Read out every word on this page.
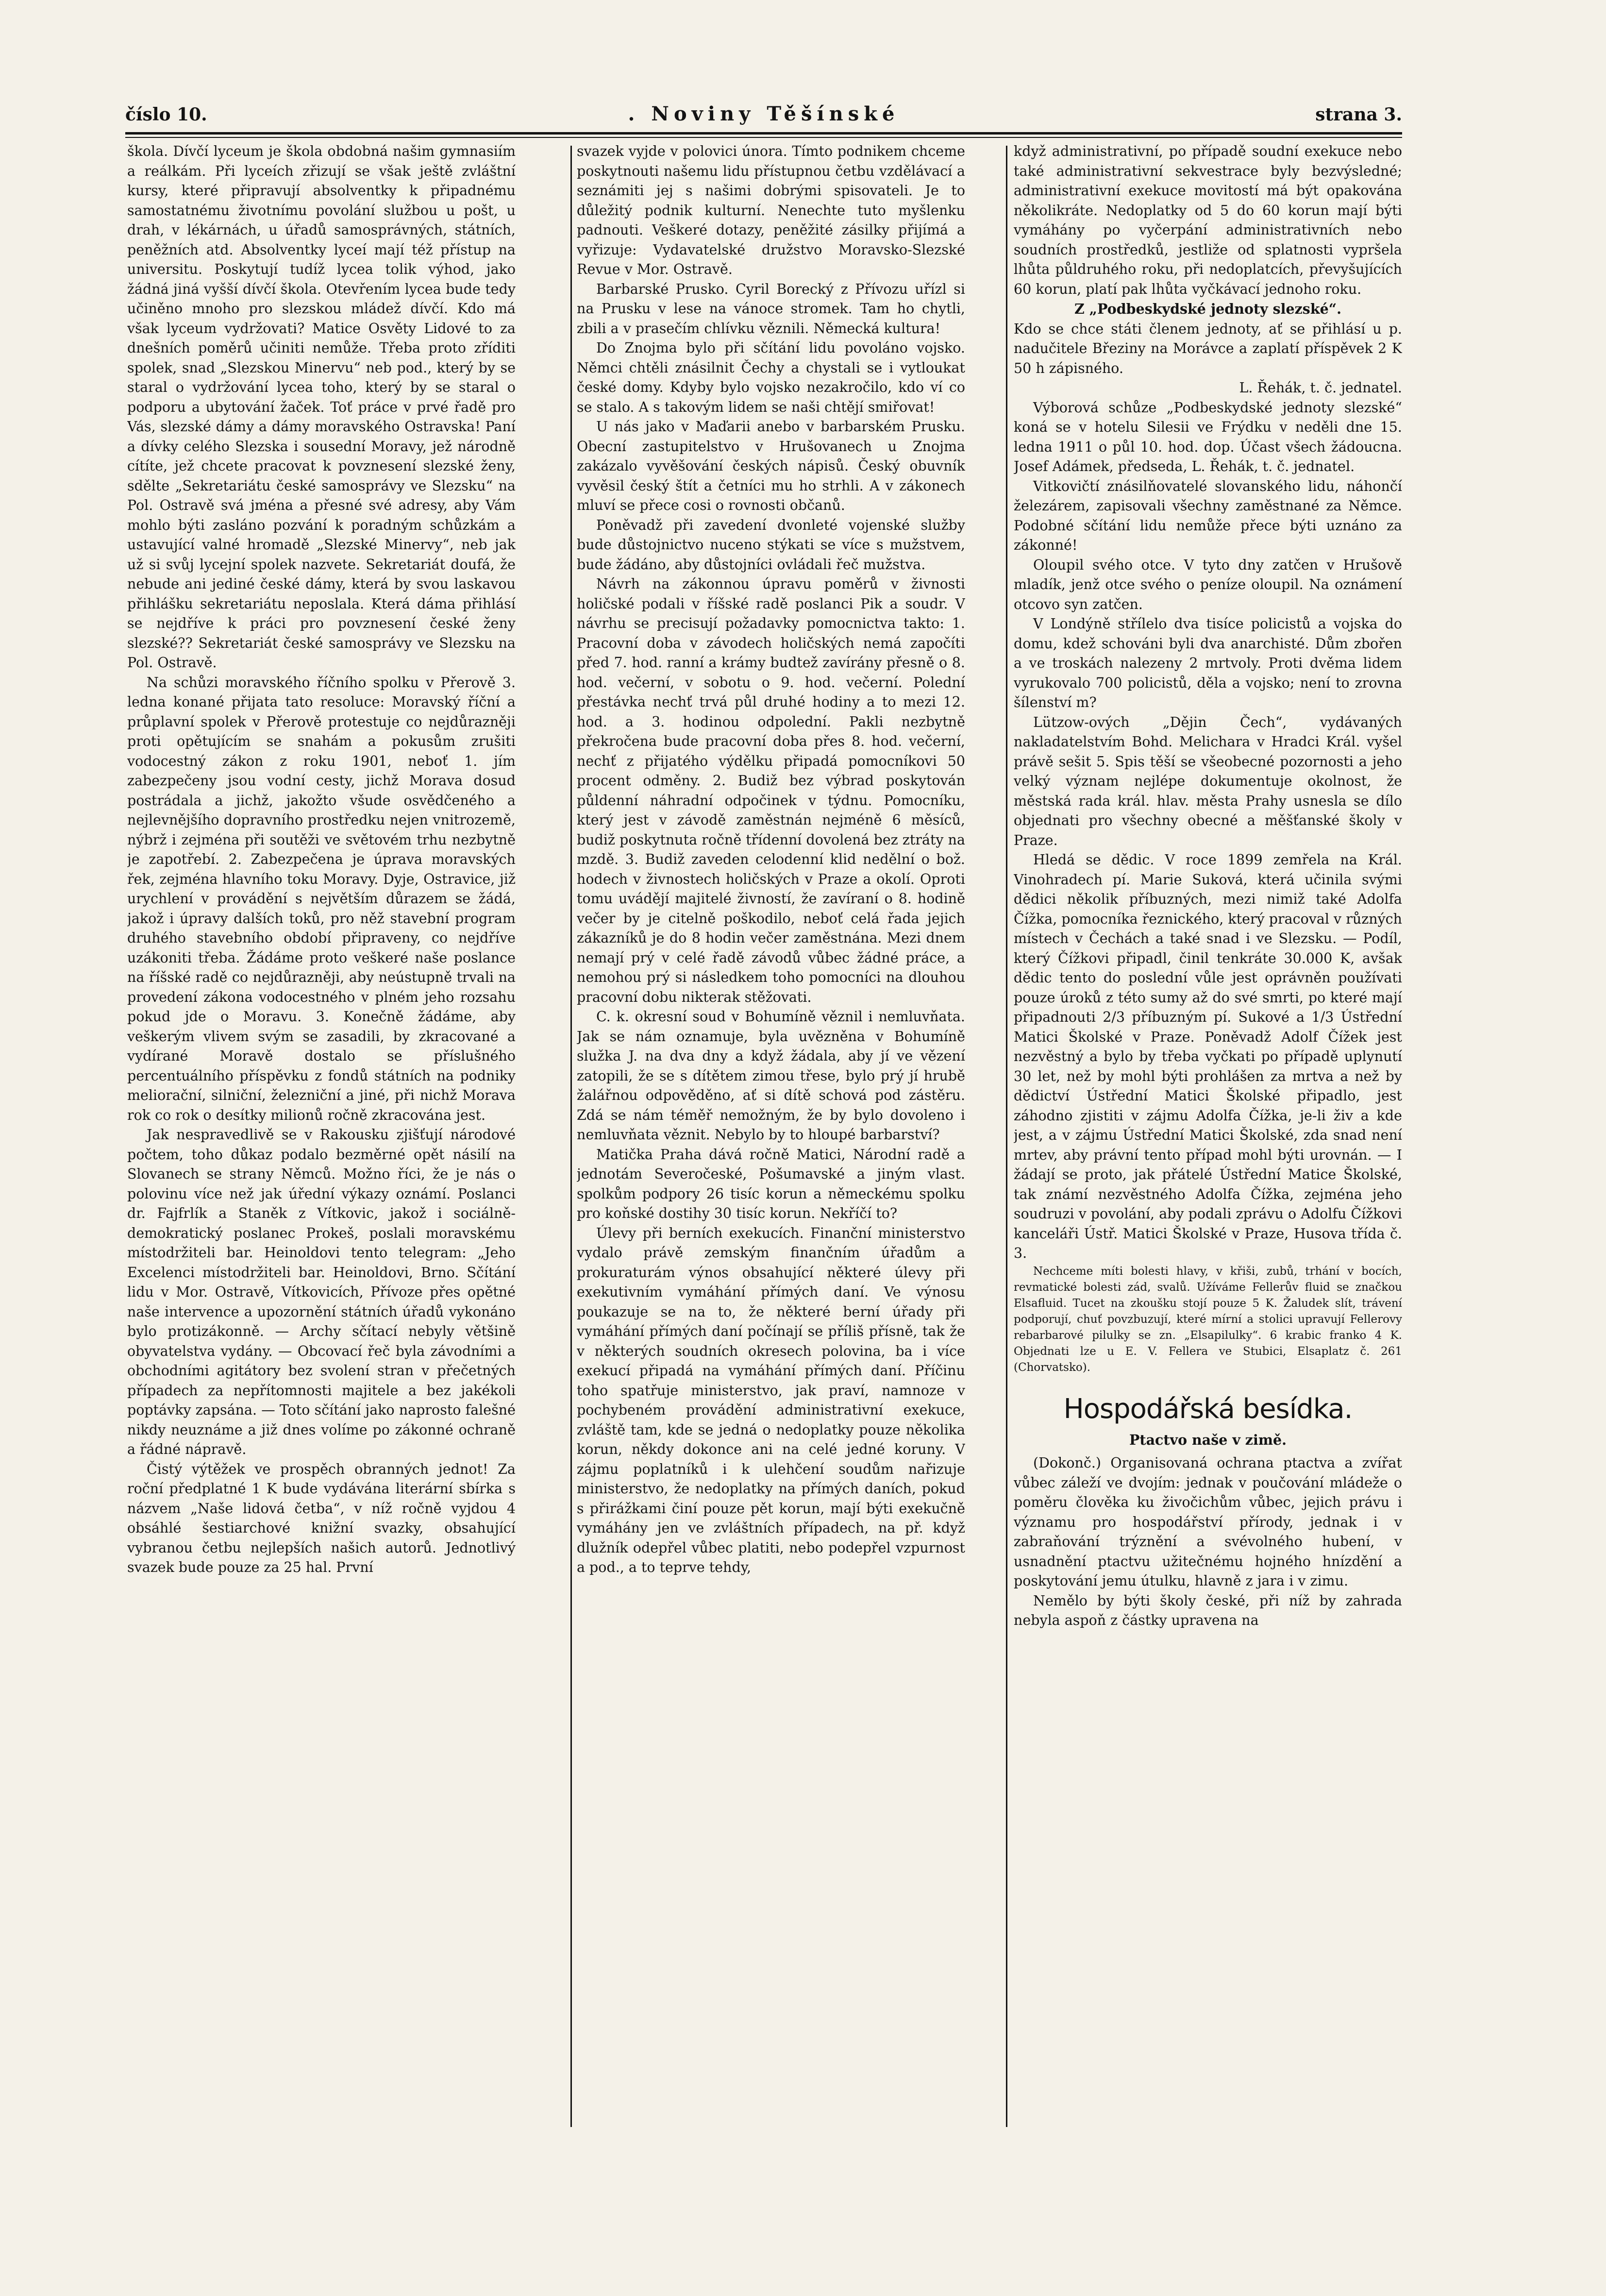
číslo 10.	. Noviny Těšínské	strana 3.

škola. Dívčí lyceum je škola obdobná našim gymnasiím a reálkám. Při lyceích zřizují se však ještě zvláštní kursy, které připravují absolventky k připadnému samostatnému životnímu povolání službou u pošt, u drah, v lékárnách, u úřadů samosprávných, státních, peněžních atd. Absolventky lyceí mají též přístup na universitu. Poskytují tudíž lycea tolik výhod, jako žádná jiná vyšší dívčí škola. Otevřením lycea bude tedy učiněno mnoho pro slezskou mládež dívčí. Kdo má však lyceum vydržovati? Matice Osvěty Lidové to za dnešních poměrů učiniti nemůže. Třeba proto zříditi spolek, snad „Slezskou Minervu“ neb pod., který by se staral o vydržování lycea toho, který by se staral o podporu a ubytování žaček. Toť práce v prvé řadě pro Vás, slezské dámy a dámy moravského Ostravska! Paní a dívky celého Slezska i sousední Moravy, jež národně cítíte, jež chcete pracovat k povznesení slezské ženy, sdělte „Sekretariátu české samosprávy ve Slezsku“ na Pol. Ostravě svá jména a přesné své adresy, aby Vám mohlo býti zasláno pozvání k poradným schůzkám a ustavující valné hromadě „Slezské Minervy“, neb jak už si svůj lycejní spolek nazvete. Sekretariát doufá, že nebude ani jediné české dámy, která by svou laskavou přihlášku sekretariátu neposlala. Která dáma přihlásí se nejdříve k práci pro povznesení české ženy slezské?? Sekretariát české samosprávy ve Slezsku na Pol. Ostravě.

Na schůzi moravského říčního spolku v Přerově 3. ledna konané přijata tato resoluce: Moravský říční a průplavní spolek v Přerově protestuje co nejdůrazněji proti opětujícím se snahám a pokusům zrušiti vodocestný zákon z roku 1901, neboť 1. jím zabezpečeny jsou vodní cesty, jichž Morava dosud postrádala a jichž, jakožto všude osvědčeného a nejlevnějšího dopravního prostředku nejen vnitrozemě, nýbrž i zejména při soutěži ve světovém trhu nezbytně je zapotřebí. 2. Zabezpečena je úprava moravských řek, zejména hlavního toku Moravy. Dyje, Ostravice, již urychlení v provádění s největším důrazem se žádá, jakož i úpravy dalších toků, pro něž stavební program druhého stavebního období připraveny, co nejdříve uzákoniti třeba. Žádáme proto veškeré naše poslance na říšské radě co nejdůrazněji, aby neústupně trvali na provedení zákona vodocestného v plném jeho rozsahu pokud jde o Moravu. 3. Konečně žádáme, aby veškerým vlivem svým se zasadili, by zkracované a vydírané Moravě dostalo se příslušného percentuálního příspěvku z fondů státních na podniky meliorační, silniční, železniční a jiné, při nichž Morava rok co rok o desítky milionů ročně zkracována jest.

Jak nespravedlivě se v Rakousku zjišťují národové počtem, toho důkaz podalo bezměrné opět násilí na Slovanech se strany Němců. Možno říci, že je nás o polovinu více než jak úřední výkazy oznámí. Poslanci dr. Fajfrlík a Staněk z Vítkovic, jakož i sociálně-demokratický poslanec Prokeš, poslali moravskému místodržiteli bar. Heinoldovi tento telegram: „Jeho Excelenci místodržiteli bar. Heinoldovi, Brno. Sčítání lidu v Mor. Ostravě, Vítkovicích, Přívoze přes opětné naše intervence a upozornění státních úřadů vykonáno bylo protizákonně. — Archy sčítací nebyly většině obyvatelstva vydány. — Obcovací řeč byla závodními a obchodními agitátory bez svolení stran v přečetných případech za nepřítomnosti majitele a bez jakékoli poptávky zapsána. — Toto sčítání jako naprosto falešné nikdy neuznáme a již dnes volíme po zákonné ochraně a řádné nápravě.

Čistý výtěžek ve prospěch obranných jednot! Za roční předplatné 1 K bude vydávána literární sbírka s názvem „Naše lidová četba“, v níž ročně vyjdou 4 obsáhlé šestiarchové knižní svazky, obsahující vybranou četbu nejlepších našich autorů. Jednotlivý svazek bude pouze za 25 hal. První

svazek vyjde v polovici února. Tímto podnikem chceme poskytnouti našemu lidu přístupnou četbu vzdělávací a seznámiti jej s našimi dobrými spisovateli. Je to důležitý podnik kulturní. Nenechte tuto myšlenku padnouti. Veškeré dotazy, peněžité zásilky přijímá a vyřizuje: Vydavatelské družstvo Moravsko-Slezské Revue v Mor. Ostravě.

Barbarské Prusko. Cyril Borecký z Přívozu uřízl si na Prusku v lese na vánoce stromek. Tam ho chytli, zbili a v prasečím chlívku věznili. Německá kultura!

Do Znojma bylo při sčítání lidu povoláno vojsko. Němci chtěli znásilnit Čechy a chystali se i vytloukat české domy. Kdyby bylo vojsko nezakročilo, kdo ví co se stalo. A s takovým lidem se naši chtějí smiřovat!

U nás jako v Maďarii anebo v barbarském Prusku. Obecní zastupitelstvo v Hrušovanech u Znojma zakázalo vyvěšování českých nápisů. Český obuvník vyvěsil český štít a četníci mu ho strhli. A v zákonech mluví se přece cosi o rovnosti občanů.

Poněvadž při zavedení dvonleté vojenské služby bude důstojnictvo nuceno stýkati se více s mužstvem, bude žádáno, aby důstojníci ovládali řeč mužstva.

Návrh na zákonnou úpravu poměrů v živnosti holičské podali v říšské radě poslanci Pik a soudr. V návrhu se precisují požadavky pomocnictva takto: 1. Pracovní doba v závodech holičských nemá započíti před 7. hod. ranní a krámy budtež zavírány přesně o 8. hod. večerní, v sobotu o 9. hod. večerní. Polední přestávka nechť trvá půl druhé hodiny a to mezi 12. hod. a 3. hodinou odpolední. Pakli nezbytně překročena bude pracovní doba přes 8. hod. večerní, nechť z přijatého výdělku připadá pomocníkovi 50 procent odměny. 2. Budiž bez výbrad poskytován půldenní náhradní odpočinek v týdnu. Pomocníku, který jest v závodě zaměstnán nejméně 6 měsíců, budiž poskytnuta ročně třídenní dovolená bez ztráty na mzdě. 3. Budiž zaveden celodenní klid nedělní o bož. hodech v živnostech holičských v Praze a okolí. Oproti tomu uvádějí majitelé živností, že zavíraní o 8. hodině večer by je citelně poškodilo, neboť celá řada jejich zákazníků je do 8 hodin večer zaměstnána. Mezi dnem nemají prý v celé řadě závodů vůbec žádné práce, a nemohou prý si následkem toho pomocníci na dlouhou pracovní dobu nikterak stěžovati.

C. k. okresní soud v Bohumíně věznil i nemluvňata. Jak se nám oznamuje, byla uvězněna v Bohumíně služka J. na dva dny a když žádala, aby jí ve vězení zatopili, že se s dítětem zimou třese, bylo prý jí hrubě žalářnou odpověděno, ať si dítě schová pod zástěru. Zdá se nám téměř nemožným, že by bylo dovoleno i nemluvňata věznit. Nebylo by to hloupé barbarství?

Matička Praha dává ročně Matici, Národní radě a jednotám Severočeské, Pošumavské a jiným vlast. spolkům podpory 26 tisíc korun a německému spolku pro koňské dostihy 30 tisíc korun. Nekříčí to?

Úlevy při berních exekucích. Finanční ministerstvo vydalo právě zemským finančním úřadům a prokuraturám výnos obsahující některé úlevy při exekutivním vymáhání přímých daní. Ve výnosu poukazuje se na to, že některé berní úřady při vymáhání přímých daní počínají se příliš přísně, tak že v některých soudních okresech polovina, ba i více exekucí připadá na vymáhání přímých daní. Příčinu toho spatřuje ministerstvo, jak praví, namnoze v pochybeném provádění administrativní exekuce, zvláště tam, kde se jedná o nedoplatky pouze několika korun, někdy dokonce ani na celé jedné koruny. V zájmu poplatníků i k ulehčení soudům nařizuje ministerstvo, že nedoplatky na přímých daních, pokud s přirážkami činí pouze pět korun, mají býti exekučně vymáhány jen ve zvláštních případech, na př. když dlužník odepřel vůbec platiti, nebo podepřel vzpurnost a pod., a to teprve tehdy,

když administrativní, po případě soudní exekuce nebo také administrativní sekvestrace byly bezvýsledné; administrativní exekuce movitostí má být opakována několikráte. Nedoplatky od 5 do 60 korun mají býti vymáhány po vyčerpání administrativních nebo soudních prostředků, jestliže od splatnosti vypršela lhůta půldruhého roku, při nedoplatcích, převyšujících 60 korun, platí pak lhůta vyčkávací jednoho roku.

Z „Podbeskydské jednoty slezské“.

Kdo se chce státi členem jednoty, ať se přihlásí u p. nadučitele Březiny na Morávce a zaplatí příspěvek 2 K 50 h zápisného.

L. Řehák, t. č. jednatel.

Výborová schůze „Podbeskydské jednoty slezské“ koná se v hotelu Silesii ve Frýdku v neděli dne 15. ledna 1911 o půl 10. hod. dop. Účast všech žádoucna. Josef Adámek, předseda, L. Řehák, t. č. jednatel.

Vitkovičtí znásilňovatelé slovanského lidu, náhončí železárem, zapisovali všechny zaměstnané za Němce. Podobné sčítání lidu nemůže přece býti uznáno za zákonné!

Oloupil svého otce. V tyto dny zatčen v Hrušově mladík, jenž otce svého o peníze oloupil. Na oznámení otcovo syn zatčen.

V Londýně střílelo dva tisíce policistů a vojska do domu, kdež schováni byli dva anarchisté. Dům zbořen a ve troskách nalezeny 2 mrtvoly. Proti dvěma lidem vyrukovalo 700 policistů, děla a vojsko; není to zrovna šílenství m?

Lützow-ových „Dějin Čech“, vydávaných nakladatelstvím Bohd. Melichara v Hradci Král. vyšel právě sešit 5. Spis těší se všeobecné pozornosti a jeho velký význam nejlépe dokumentuje okolnost, že městská rada král. hlav. města Prahy usnesla se dílo objednati pro všechny obecné a měšťanské školy v Praze.

Hledá se dědic. V roce 1899 zemřela na Král. Vinohradech pí. Marie Suková, která učinila svými dědici několik příbuzných, mezi nimiž také Adolfa Čížka, pomocníka řeznického, který pracoval v různých místech v Čechách a také snad i ve Slezsku. — Podíl, který Čížkovi připadl, činil tenkráte 30.000 K, avšak dědic tento do poslední vůle jest oprávněn používati pouze úroků z této sumy až do své smrti, po které mají připadnouti 2/3 příbuzným pí. Sukové a 1/3 Ústřední Matici Školské v Praze. Poněvadž Adolf Čížek jest nezvěstný a bylo by třeba vyčkati po případě uplynutí 30 let, než by mohl býti prohlášen za mrtva a než by dědictví Ústřední Matici Školské připadlo, jest záhodno zjistiti v zájmu Adolfa Čížka, je-li živ a kde jest, a v zájmu Ústřední Matici Školské, zda snad není mrtev, aby právní tento případ mohl býti urovnán. — I žádají se proto, jak přátelé Ústřední Matice Školské, tak známí nezvěstného Adolfa Čížka, zejména jeho soudruzi v povolání, aby podali zprávu o Adolfu Čížkovi kanceláři Ústř. Matici Školské v Praze, Husova třída č. 3.

Nechceme míti bolesti hlavy, v křiši, zubů, trhání v bocích, revmatické bolesti zád, svalů. Užíváme Fellerův fluid se značkou Elsafluid. Tucet na zkoušku stojí pouze 5 K. Žaludek slít, trávení podporují, chuť povzbuzují, které mírní a stolici upravují Fellerovy rebarbarové pilulky se zn. „Elsapilulky“. 6 krabic franko 4 K. Objednati lze u E. V. Fellera ve Stubici, Elsaplatz č. 261 (Chorvatsko).

Hospodářská besídka.
Ptactvo naše v zimě.

(Dokonč.) Organisovaná ochrana ptactva a zvířat vůbec záleží ve dvojím: jednak v poučování mládeže o poměru člověka ku živočichům vůbec, jejich právu i významu pro hospodářství přírody, jednak i v zabraňování trýznění a svévolného hubení, v usnadnění ptactvu užitečnému hojného hnízdění a poskytování jemu útulku, hlavně z jara i v zimu.

Nemělo by býti školy české, při níž by zahrada nebyla aspoň z částky upravena na
